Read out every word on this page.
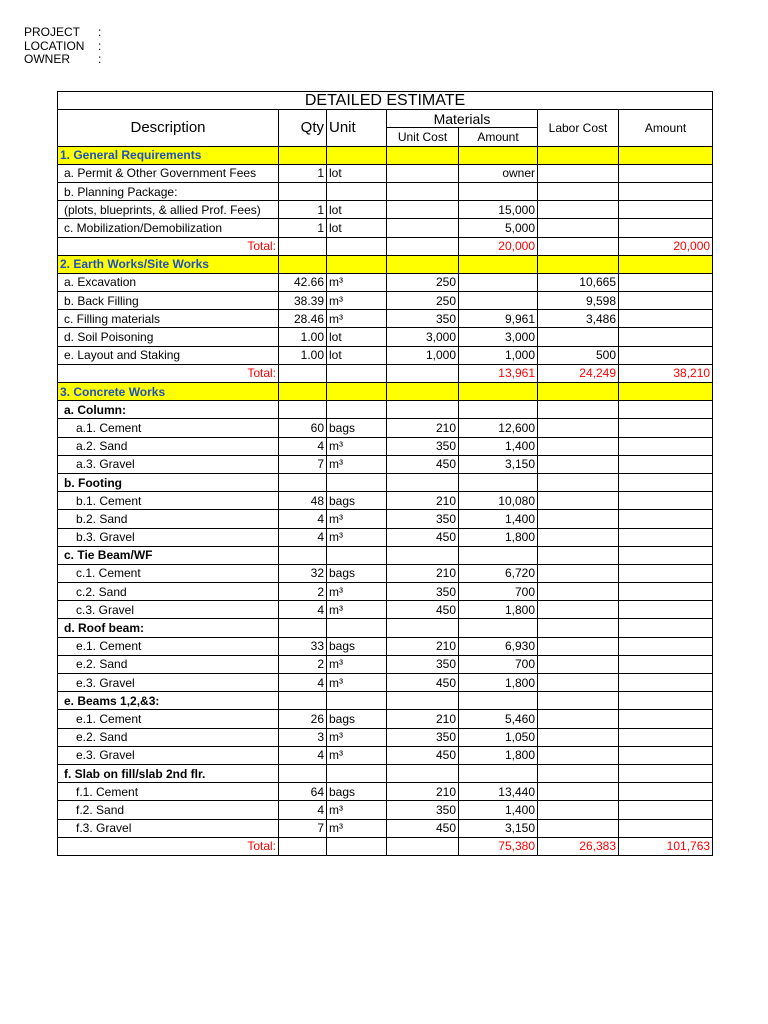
PROJECT	:
LOCATION	:
OWNER	:
DETAILED ESTIMATE						
Description	Qty	Unit	Materials		Labor Cost	Amount
			Unit Cost	Amount		
1. General Requirements						
a. Permit & Other Government Fees	1	lot		owner		
b. Planning Package:						
(plots, blueprints, & allied Prof. Fees)	1	lot		15,000		
c. Mobilization/Demobilization	1	lot		5,000		
Total:				20,000		20,000
2. Earth Works/Site Works						
a. Excavation	42.66	m³	250		10,665	
b. Back Filling	38.39	m³	250		9,598	
c. Filling materials	28.46	m³	350	9,961	3,486	
d. Soil Poisoning	1.00	lot	3,000	3,000		
e. Layout and Staking	1.00	lot	1,000	1,000	500	
Total:				13,961	24,249	38,210
3. Concrete Works						
a. Column:						
a.1. Cement	60	bags	210	12,600		
a.2. Sand	4	m³	350	1,400		
a.3. Gravel	7	m³	450	3,150		
b. Footing						
b.1. Cement	48	bags	210	10,080		
b.2. Sand	4	m³	350	1,400		
b.3. Gravel	4	m³	450	1,800		
c. Tie Beam/WF						
c.1. Cement	32	bags	210	6,720		
c.2. Sand	2	m³	350	700		
c.3. Gravel	4	m³	450	1,800		
d. Roof beam:						
e.1. Cement	33	bags	210	6,930		
e.2. Sand	2	m³	350	700		
e.3. Gravel	4	m³	450	1,800		
e. Beams 1,2,&3:						
e.1. Cement	26	bags	210	5,460		
e.2. Sand	3	m³	350	1,050		
e.3. Gravel	4	m³	450	1,800		
f. Slab on fill/slab 2nd flr.						
f.1. Cement	64	bags	210	13,440		
f.2. Sand	4	m³	350	1,400		
f.3. Gravel	7	m³	450	3,150		
Total:				75,380	26,383	101,763
